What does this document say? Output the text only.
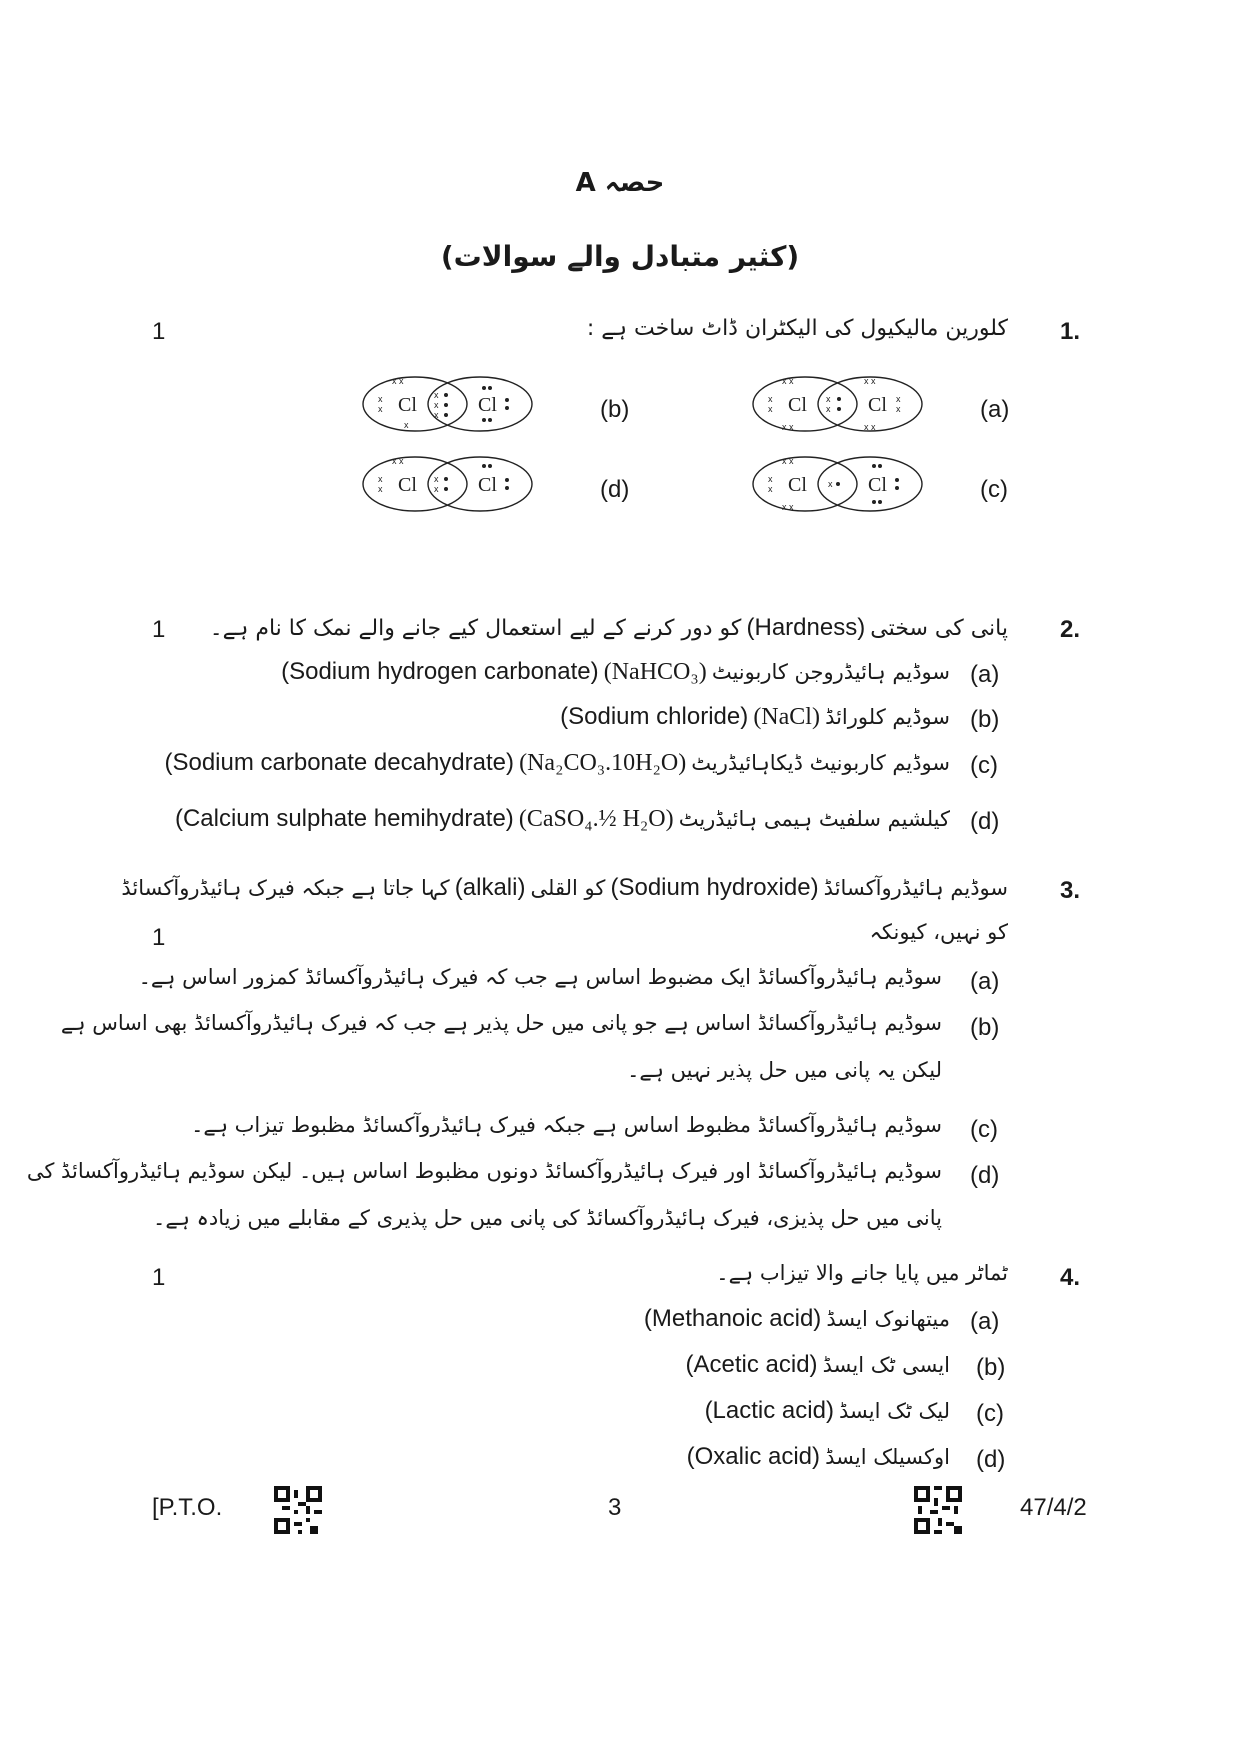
حصہ A
(کثیر متبادل والے سوالات)
1	1.
کلورین مالیکیول کی الیکٹران ڈاٹ ساخت ہے :
(b)	(a)
(d)	(c)
Cl
x x
x
x
x
x
x
x Cl	Cl
x x
x x
x
x
x
x Cl
x x
x x
x
x
Cl
x x
x
x
x
x Cl	Cl
x x
x x
x
x	x Cl
1	2.
پانی کی سختی (Hardness) کو دور کرنے کے لیے استعمال کیے جانے والے نمک کا نام ہے۔
(a)
سوڈیم ہائیڈروجن کاربونیٹ (NaHCO₃) (Sodium hydrogen carbonate)
(b)
سوڈیم کلورائڈ (NaCl) (Sodium chloride)
(c)
سوڈیم کاربونیٹ ڈیکاہائیڈریٹ (Na₂CO₃.10H₂O) (Sodium carbonate decahydrate)
(d)
کیلشیم سلفیٹ ہیمی ہائیڈریٹ (CaSO₄.½ H₂O) (Calcium sulphate hemihydrate)
3.
سوڈیم ہائیڈروآکسائڈ (Sodium hydroxide) کو القلی (alkali) کہا جاتا ہے جبکہ فیرک ہائیڈروآکسائڈ
کو نہیں، کیونکہ
1
(a)
سوڈیم ہائیڈروآکسائڈ ایک مضبوط اساس ہے جب کہ فیرک ہائیڈروآکسائڈ کمزور اساس ہے۔
(b)
سوڈیم ہائیڈروآکسائڈ اساس ہے جو پانی میں حل پذیر ہے جب کہ فیرک ہائیڈروآکسائڈ بھی اساس ہے
لیکن یہ پانی میں حل پذیر نہیں ہے۔
(c)
سوڈیم ہائیڈروآکسائڈ مظبوط اساس ہے جبکہ فیرک ہائیڈروآکسائڈ مظبوط تیزاب ہے۔
(d)
سوڈیم ہائیڈروآکسائڈ اور فیرک ہائیڈروآکسائڈ دونوں مظبوط اساس ہیں۔ لیکن سوڈیم ہائیڈروآکسائڈ کی
پانی میں حل پذیزی، فیرک ہائیڈروآکسائڈ کی پانی میں حل پذیری کے مقابلے میں زیادہ ہے۔
1	4.
ٹماٹر میں پایا جانے والا تیزاب ہے۔
(a)
میتھانوک ایسڈ (Methanoic acid)
(b)
ایسی ٹک ایسڈ (Acetic acid)
(c)
لیک ٹک ایسڈ (Lactic acid)
(d)
اوکسیلک ایسڈ (Oxalic acid)
[P.T.O.	3	47/4/2
